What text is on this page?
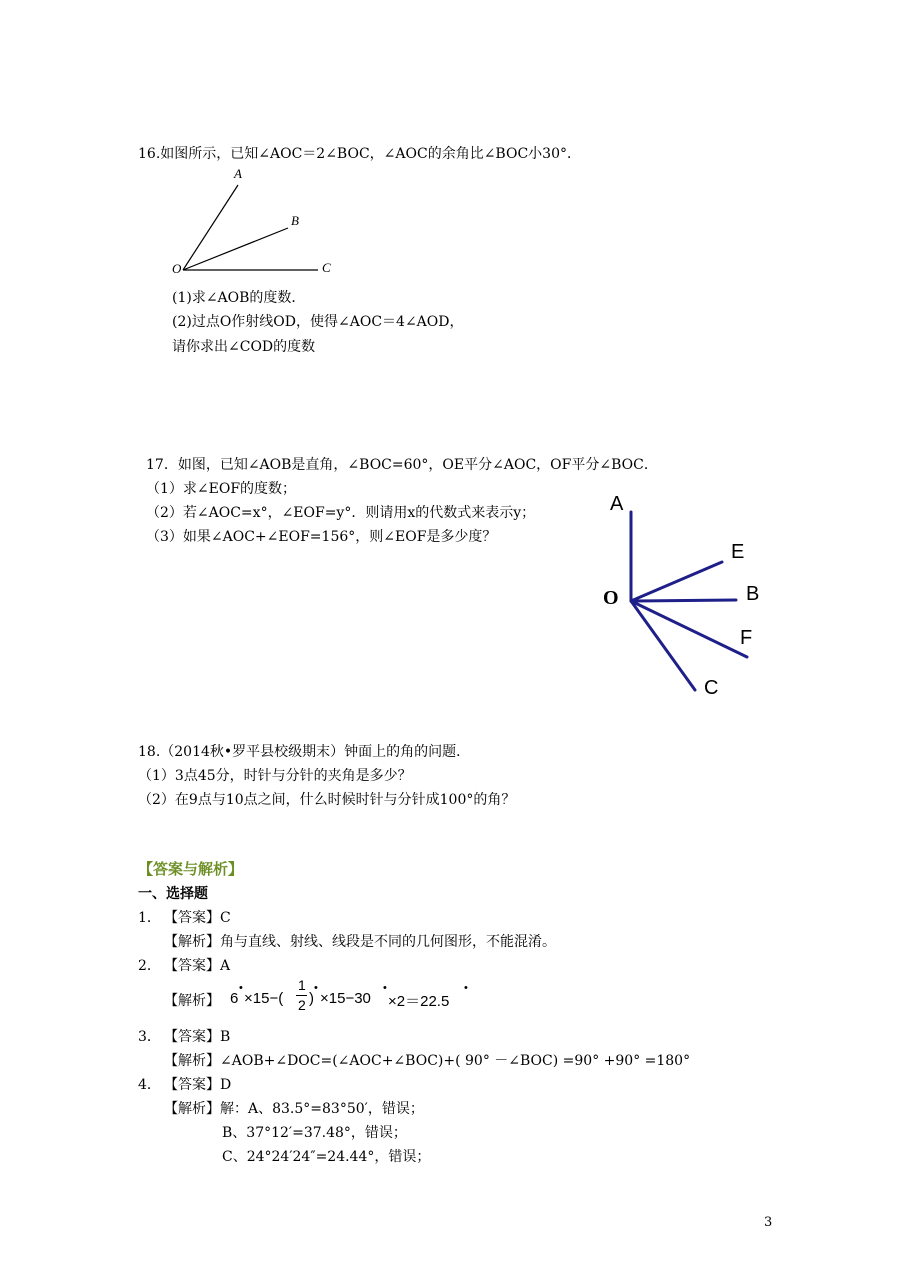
16.如图所示，已知∠AOC＝2∠BOC，∠AOC的余角比∠BOC小30°．
A
B
C
O
A
E
B
O
F
C
(1)求∠AOB的度数．
(2)过点O作射线OD，使得∠AOC＝4∠AOD，
请你求出∠COD的度数
17．如图，已知∠AOB是直角，∠BOC=60°，OE平分∠AOC，OF平分∠BOC．
（1）求∠EOF的度数；
（2）若∠AOC=x°，∠EOF=y°．则请用x的代数式来表示y；
（3）如果∠AOC+∠EOF=156°，则∠EOF是多少度？
18.（2014秋•罗平县校级期末）钟面上的角的问题．
（1）3点45分，时针与分针的夹角是多少？
（2）在9点与10点之间，什么时候时针与分针成100°的角？
【答案与解析】
一、选择题
1． 【答案】C
【解析】角与直线、射线、线段是不同的几何图形，不能混淆。
2． 【答案】A
【解析】 6
•
×15−(
1
2 )
•
×15−30
•
×2＝22.5
•
3． 【答案】B
【解析】∠AOB+∠DOC=(∠AOC+∠BOC)+( 90° －∠BOC) =90° +90° =180°
4． 【答案】D
【解析】解：A、83.5°=83°50′，错误；
B、37°12′=37.48°，错误；
C、24°24′24″=24.44°，错误；
3
